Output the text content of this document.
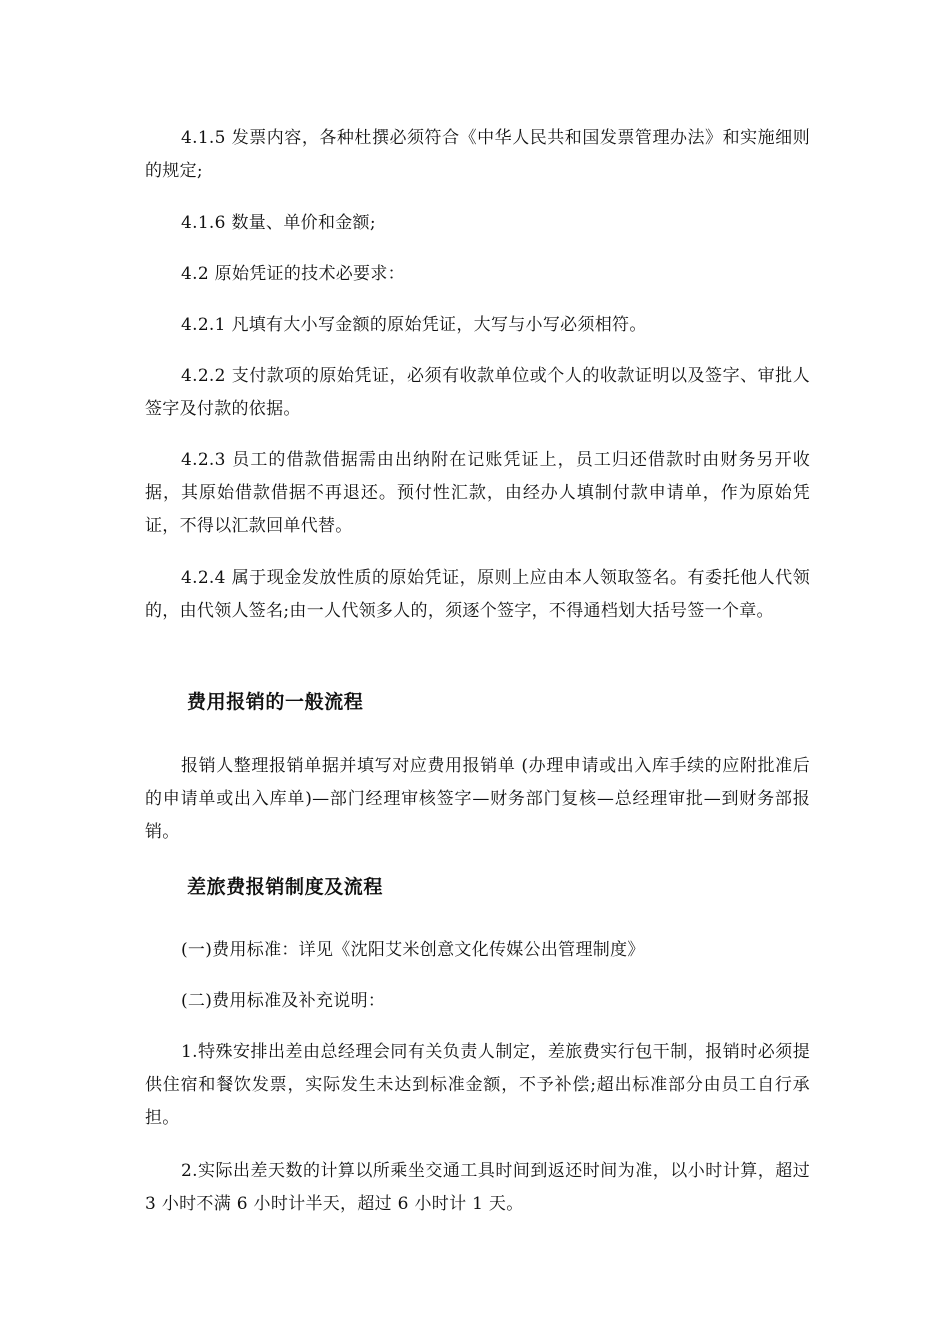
4.1.5 发票内容，各种杜撰必须符合《中华人民共和国发票管理办法》和实施细则的规定;

4.1.6 数量、单价和金额;

4.2 原始凭证的技术必要求：

4.2.1 凡填有大小写金额的原始凭证，大写与小写必须相符。

4.2.2 支付款项的原始凭证，必须有收款单位或个人的收款证明以及签字、审批人签字及付款的依据。

4.2.3 员工的借款借据需由出纳附在记账凭证上，员工归还借款时由财务另开收据，其原始借款借据不再退还。预付性汇款，由经办人填制付款申请单，作为原始凭证，不得以汇款回单代替。

4.2.4 属于现金发放性质的原始凭证，原则上应由本人领取签名。有委托他人代领的，由代领人签名;由一人代领多人的，须逐个签字，不得通档划大括号签一个章。

费用报销的一般流程

报销人整理报销单据并填写对应费用报销单 (办理申请或出入库手续的应附批准后的申请单或出入库单)—部门经理审核签字—财务部门复核—总经理审批—到财务部报销。

差旅费报销制度及流程

(一)费用标准：详见《沈阳艾米创意文化传媒公出管理制度》

(二)费用标准及补充说明：

1.特殊安排出差由总经理会同有关负责人制定，差旅费实行包干制，报销时必须提供住宿和餐饮发票，实际发生未达到标准金额，不予补偿;超出标准部分由员工自行承担。

2.实际出差天数的计算以所乘坐交通工具时间到返还时间为准，以小时计算，超过 3 小时不满 6 小时计半天，超过 6 小时计 1 天。
